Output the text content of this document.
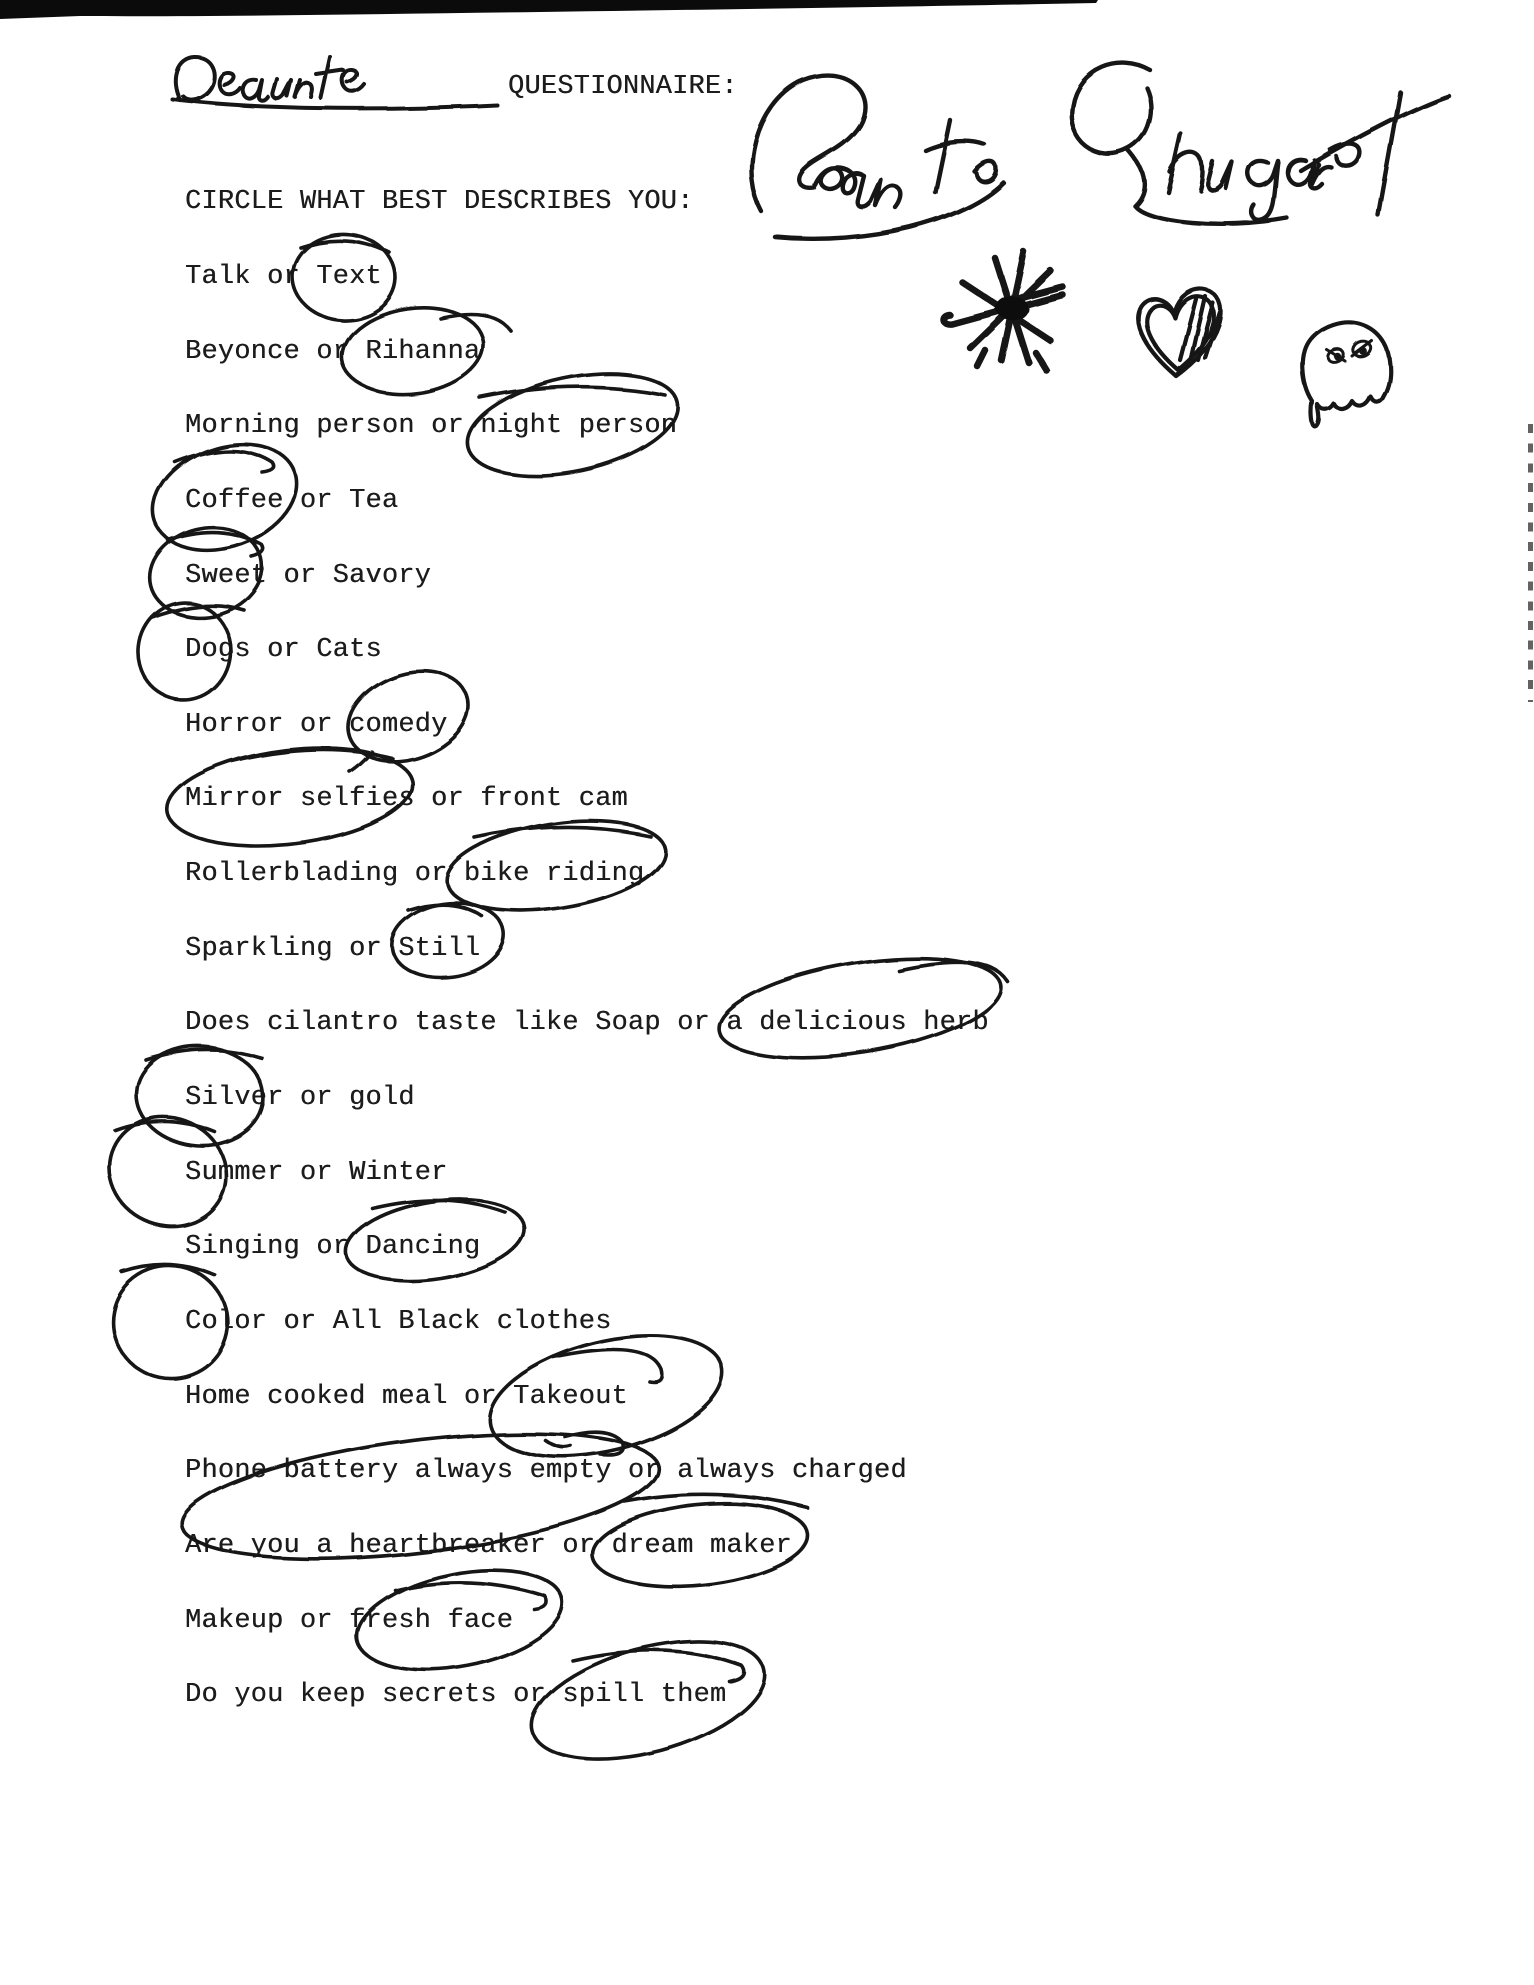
QUESTIONNAIRE:
CIRCLE WHAT BEST DESCRIBES YOU:
Talk or Text
Beyonce or Rihanna
Morning person or night person
Coffee or Tea
Sweet or Savory
Dogs or Cats
Horror or comedy
Mirror selfies or front cam
Rollerblading or bike riding
Sparkling or Still
Does cilantro taste like Soap or a delicious herb
Silver or gold
Summer or Winter
Singing or Dancing
Color or All Black clothes
Home cooked meal or Takeout
Phone battery always empty or always charged
Are you a heartbreaker or dream maker
Makeup or fresh face
Do you keep secrets or spill them
